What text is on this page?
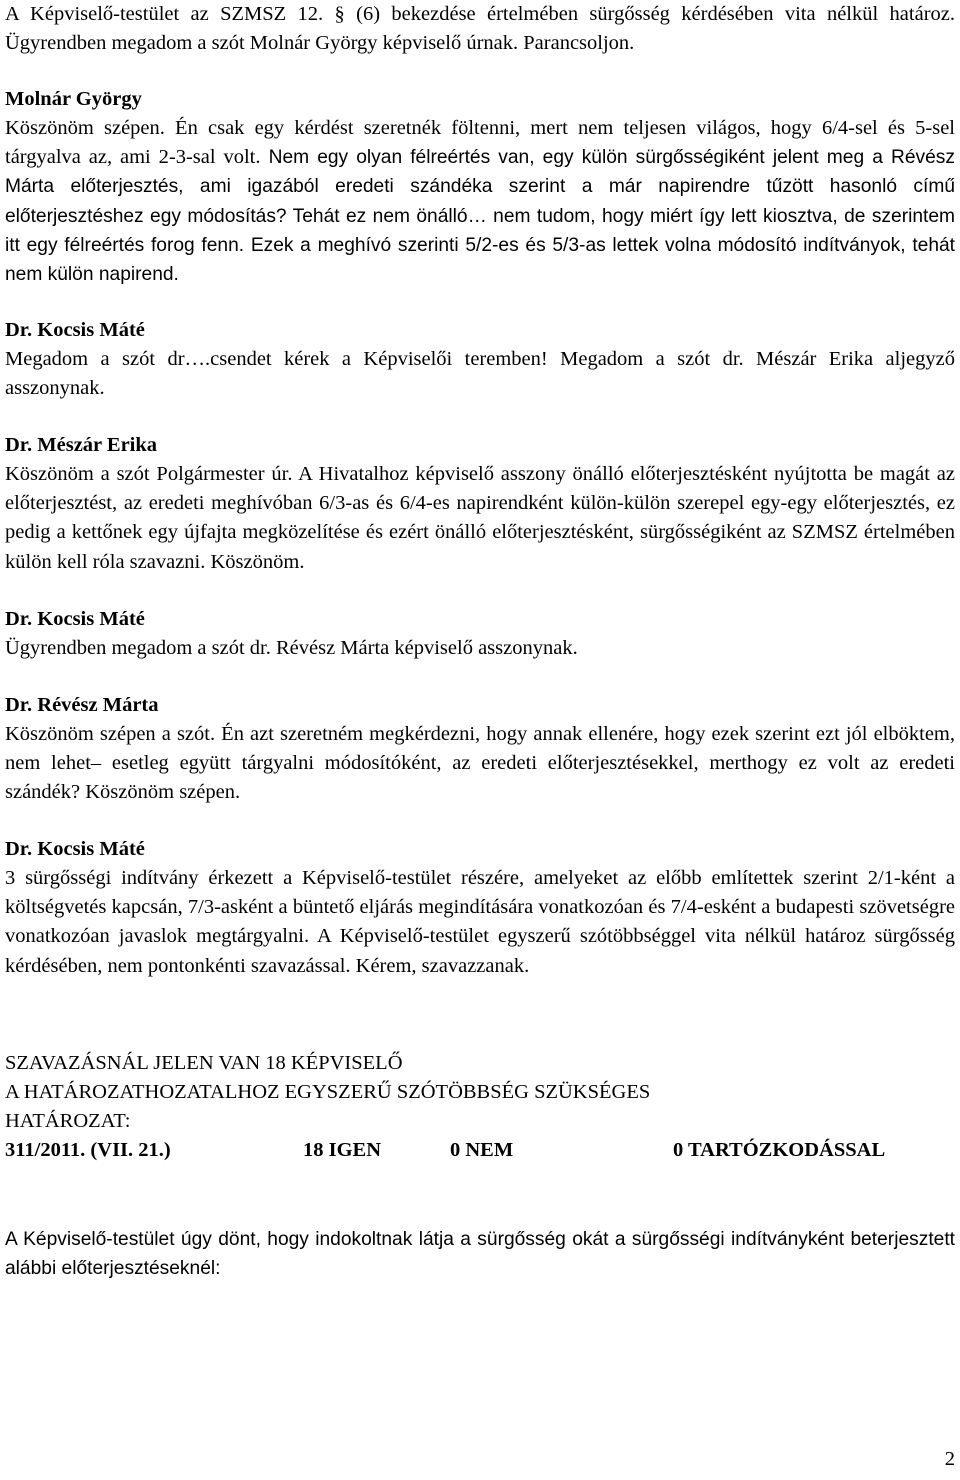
A Képviselő-testület az SZMSZ 12. § (6) bekezdése értelmében sürgősség kérdésében vita nélkül határoz. Ügyrendben megadom a szót Molnár György képviselő úrnak. Parancsoljon.

Molnár György

Köszönöm szépen. Én csak egy kérdést szeretnék föltenni, mert nem teljesen világos, hogy 6/4-sel és 5-sel tárgyalva az, ami 2-3-sal volt. Nem egy olyan félreértés van, egy külön sürgősségiként jelent meg a Révész Márta előterjesztés, ami igazából eredeti szándéka szerint a már napirendre tűzött hasonló című előterjesztéshez egy módosítás? Tehát ez nem önálló… nem tudom, hogy miért így lett kiosztva, de szerintem itt egy félreértés forog fenn. Ezek a meghívó szerinti 5/2-es és 5/3-as lettek volna módosító indítványok, tehát nem külön napirend.

Dr. Kocsis Máté

Megadom a szót dr….csendet kérek a Képviselői teremben! Megadom a szót dr. Mészár Erika aljegyző asszonynak.

Dr. Mészár Erika

Köszönöm a szót Polgármester úr. A Hivatalhoz képviselő asszony önálló előterjesztésként nyújtotta be magát az előterjesztést, az eredeti meghívóban 6/3-as és 6/4-es napirendként külön-külön szerepel egy-egy előterjesztés, ez pedig a kettőnek egy újfajta megközelítése és ezért önálló előterjesztésként, sürgősségiként az SZMSZ értelmében külön kell róla szavazni. Köszönöm.

Dr. Kocsis Máté

Ügyrendben megadom a szót dr. Révész Márta képviselő asszonynak.

Dr. Révész Márta

Köszönöm szépen a szót. Én azt szeretném megkérdezni, hogy annak ellenére, hogy ezek szerint ezt jól elböktem, nem lehet– esetleg együtt tárgyalni módosítóként, az eredeti előterjesztésekkel, merthogy ez volt az eredeti szándék? Köszönöm szépen.

Dr. Kocsis Máté

3 sürgősségi indítvány érkezett a Képviselő-testület részére, amelyeket az előbb említettek szerint 2/1-ként a költségvetés kapcsán, 7/3-asként a büntető eljárás megindítására vonatkozóan és 7/4-esként a budapesti szövetségre vonatkozóan javaslok megtárgyalni. A Képviselő-testület egyszerű szótöbbséggel vita nélkül határoz sürgősség kérdésében, nem pontonkénti szavazással. Kérem, szavazzanak.

SZAVAZÁSNÁL JELEN VAN 18 KÉPVISELŐ

A HATÁROZATHOZATALHOZ EGYSZERŰ SZÓTÖBBSÉG SZÜKSÉGES

HATÁROZAT:

311/2011. (VII. 21.)	18 IGEN	0 NEM	0 TARTÓZKODÁSSAL

A Képviselő-testület úgy dönt, hogy indokoltnak látja a sürgősség okát a sürgősségi indítványként beterjesztett alábbi előterjesztéseknél:

2
